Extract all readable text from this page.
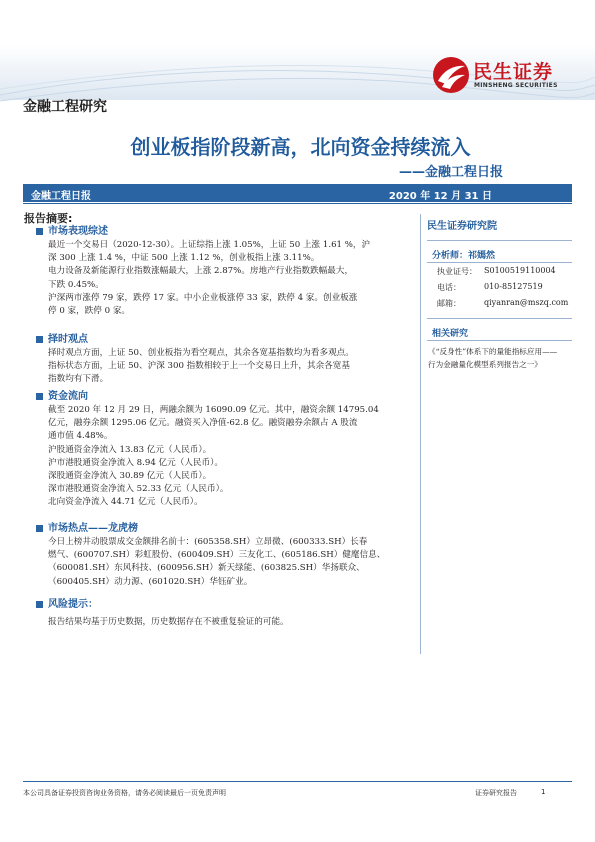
民生证券
MINSHENG SECURITIES
金融工程研究
创业板指阶段新高，北向资金持续流入
——金融工程日报
金融工程日报	2020 年 12 月 31 日
报告摘要:
市场表现综述
最近一个交易日（2020-12-30）。上证综指上涨 1.05%，上证 50 上涨 1.61 %，沪
深 300 上涨 1.4 %，中证 500 上涨 1.12 %，创业板指上涨 3.11%。
电力设备及新能源行业指数涨幅最大，上涨 2.87%。房地产行业指数跌幅最大，
下跌 0.45%。
沪深两市涨停 79 家，跌停 17 家。中小企业板涨停 33 家，跌停 4 家。创业板涨
停 0 家，跌停 0 家。
择时观点
择时观点方面，上证 50、创业板指为看空观点，其余各宽基指数均为看多观点。
指标状态方面，上证 50、沪深 300 指数相较于上一个交易日上升，其余各宽基
指数均有下滑。
资金流向
截至 2020 年 12 月 29 日，两融余额为 16090.09 亿元。其中，融资余额 14795.04
亿元，融券余额 1295.06 亿元。融资买入净值-62.8 亿。融资融券余额占 A 股流
通市值 4.48%。
沪股通资金净流入 13.83 亿元（人民币）。
沪市港股通资金净流入 8.94 亿元（人民币）。
深股通资金净流入 30.89 亿元（人民币）。
深市港股通资金净流入 52.33 亿元（人民币）。
北向资金净流入 44.71 亿元（人民币）。
市场热点——龙虎榜
今日上榜井动股票成交金额排名前十：(605358.SH）立昂微、(600333.SH）长春
燃气、(600707.SH）彩虹股份、(600409.SH）三友化工、(605186.SH）健麾信息、
（600081.SH）东风科技、(600956.SH）新天绿能、(603825.SH）华扬联众、
（600405.SH）动力源、(601020.SH）华钰矿业。
风险提示：
报告结果均基于历史数据，历史数据存在不被重复验证的可能。
民生证券研究院
分析师：祁嫣然
执业证号： S0100519110004
电话：	010-85127519
邮箱：	qiyanran@mszq.com
相关研究
《“反身性”体系下的量能指标应用——
行为金融量化模型系列报告之一》
本公司具备证券投资咨询业务资格，请务必阅读最后一页免责声明	证券研究报告	1
